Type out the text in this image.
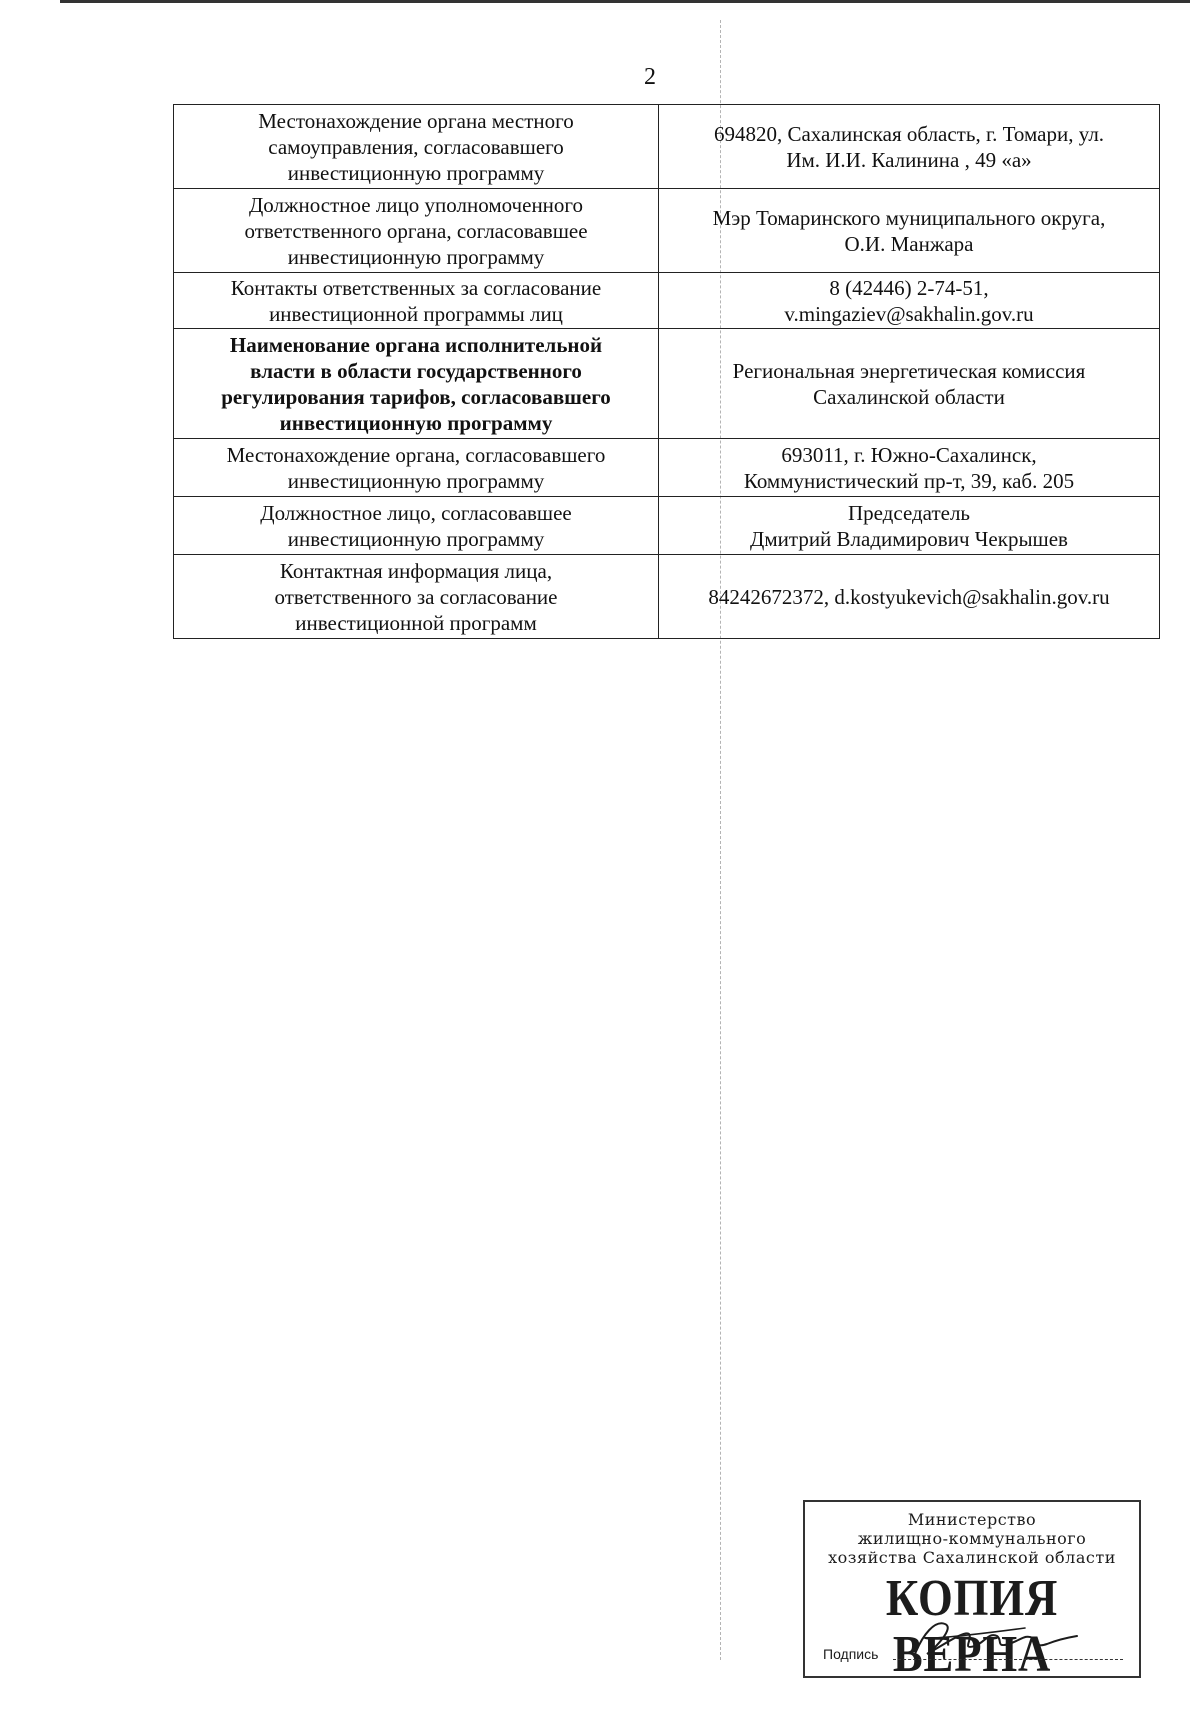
2
Местонахождение органа местного
самоуправления, согласовавшего
инвестиционную программу	694820, Сахалинская область, г. Томари, ул.
Им. И.И. Калинина , 49 «а»

Должностное лицо уполномоченного
ответственного органа, согласовавшее
инвестиционную программу	Мэр Томаринского муниципального округа,
О.И. Манжара

Контакты ответственных за согласование
инвестиционной программы лиц	8 (42446) 2-74-51,
v.mingaziev@sakhalin.gov.ru

Наименование органа исполнительной
власти в области государственного
регулирования тарифов, согласовавшего
инвестиционную программу	Региональная энергетическая комиссия
Сахалинской области

Местонахождение органа, согласовавшего
инвестиционную программу	693011, г. Южно-Сахалинск,
Коммунистический пр-т, 39, каб. 205

Должностное лицо, согласовавшее
инвестиционную программу	Председатель
Дмитрий Владимирович Чекрышев

Контактная информация лица,
ответственного за согласование
инвестиционной программ	84242672372, d.kostyukevich@sakhalin.gov.ru
Министерство
жилищно-коммунального
хозяйства Сахалинской области
КОПИЯ ВЕРНА
Подпись
